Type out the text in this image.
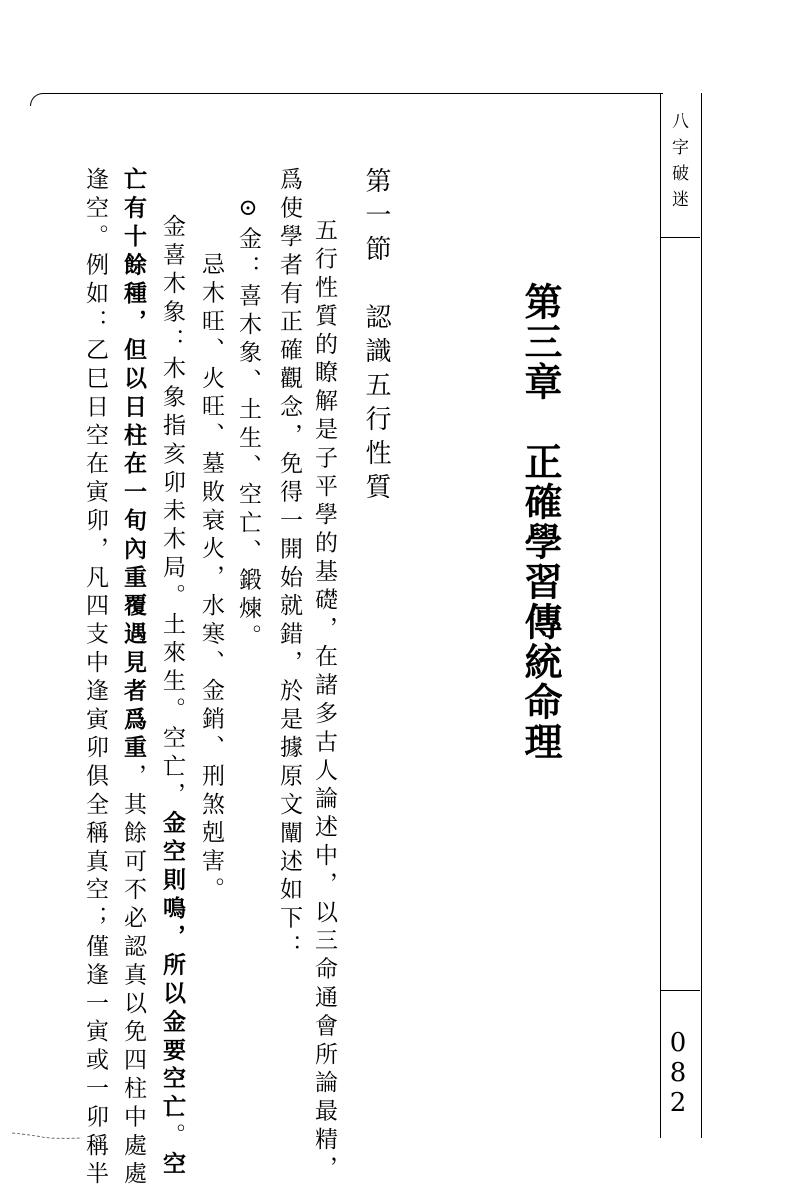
八字破迷
082
第三章　正確學習傳統命理
第一節　認識五行性質
五行性質的瞭解是子平學的基礎，在諸多古人論述中，以三命通會所論最精，
爲使學者有正確觀念，免得一開始就錯，於是據原文闡述如下：
⊙金：喜木象、土生、空亡、鍛煉。
忌木旺、火旺、墓敗衰火，水寒、金銷、刑煞剋害。
金喜木象：木象指亥卯未木局。土來生。空亡，金空則鳴，所以金要空亡。空
亡有十餘種，但以日柱在一旬內重覆遇見者爲重，其餘可不必認真以免四柱中處處
逢空。例如：乙巳日空在寅卯，凡四支中逢寅卯俱全稱真空；僅逢一寅或一卯稱半
